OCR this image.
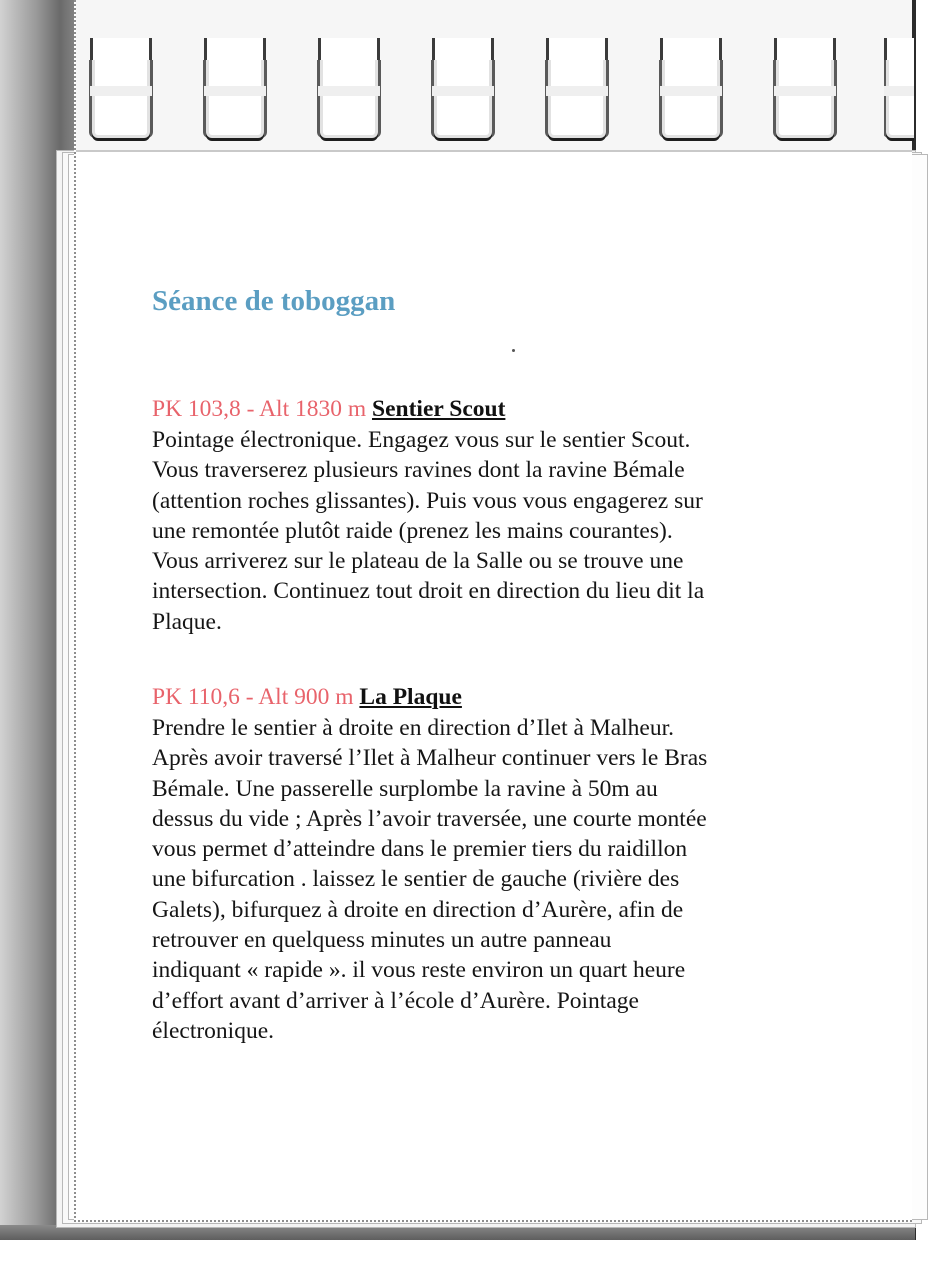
Séance de toboggan

PK 103,8 - Alt 1830 m Sentier Scout

Pointage électronique. Engagez vous sur le sentier Scout.
Vous traverserez plusieurs ravines dont la ravine Bémale
(attention roches glissantes). Puis vous vous engagerez sur
une remontée plutôt raide (prenez les mains courantes).
Vous arriverez sur le plateau de la Salle ou se trouve une
intersection. Continuez tout droit en direction du lieu dit la
Plaque.

PK 110,6 - Alt 900 m La Plaque

Prendre le sentier à droite en direction d’Ilet à Malheur.
Après avoir traversé l’Ilet à Malheur continuer vers le Bras
Bémale. Une passerelle surplombe la ravine à 50m au
dessus du vide ; Après l’avoir traversée, une courte montée
vous permet d’atteindre dans le premier tiers du raidillon
une bifurcation . laissez le sentier de gauche (rivière des
Galets), bifurquez à droite en direction d’Aurère, afin de
retrouver en quelquess minutes un autre panneau
indiquant « rapide ». il vous reste environ un quart heure
d’effort avant d’arriver à l’école d’Aurère. Pointage
électronique.
